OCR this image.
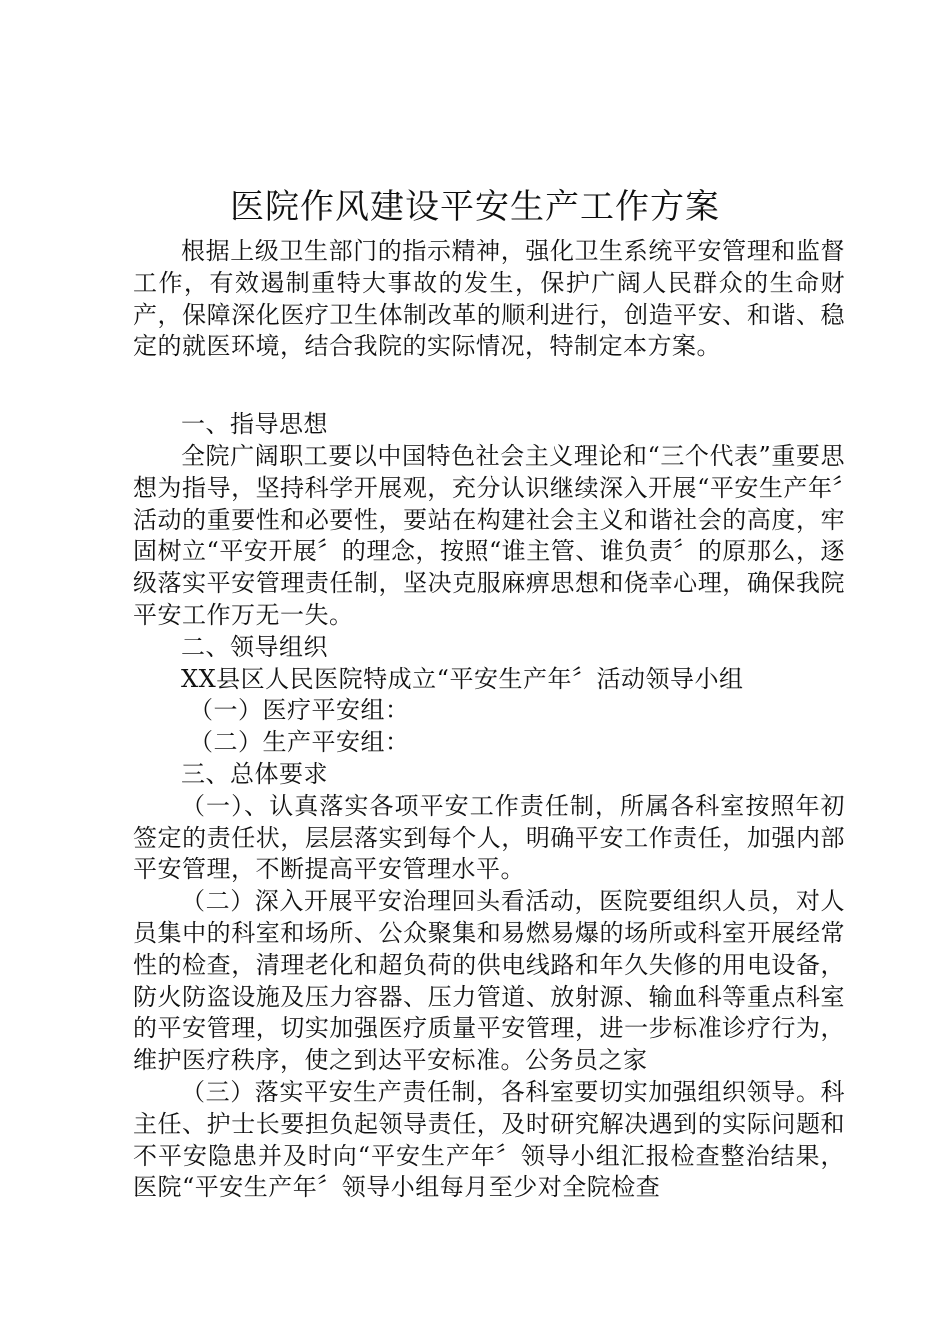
医院作风建设平安生产工作方案

根据上级卫生部门的指示精神，强化卫生系统平安管理和监督工作，有效遏制重特大事故的发生，保护广阔人民群众的生命财产，保障深化医疗卫生体制改革的顺利进行，创造平安、和谐、稳定的就医环境，结合我院的实际情况，特制定本方案。

一、指导思想

全院广阔职工要以中国特色社会主义理论和“三个代表”重要思想为指导，坚持科学开展观，充分认识继续深入开展“平安生产年〞活动的重要性和必要性，要站在构建社会主义和谐社会的高度，牢固树立“平安开展〞的理念，按照“谁主管、谁负责〞的原那么，逐级落实平安管理责任制，坚决克服麻痹思想和侥幸心理，确保我院平安工作万无一失。

二、领导组织

XX县区人民医院特成立“平安生产年〞活动领导小组

（一）医疗平安组：

（二）生产平安组：

三、总体要求

（一）、认真落实各项平安工作责任制，所属各科室按照年初签定的责任状，层层落实到每个人，明确平安工作责任，加强内部平安管理，不断提高平安管理水平。

（二）深入开展平安治理回头看活动，医院要组织人员，对人员集中的科室和场所、公众聚集和易燃易爆的场所或科室开展经常性的检查，清理老化和超负荷的供电线路和年久失修的用电设备，防火防盗设施及压力容器、压力管道、放射源、输血科等重点科室的平安管理，切实加强医疗质量平安管理，进一步标准诊疗行为，维护医疗秩序，使之到达平安标准。公务员之家

（三）落实平安生产责任制，各科室要切实加强组织领导。科主任、护士长要担负起领导责任，及时研究解决遇到的实际问题和不平安隐患并及时向“平安生产年〞领导小组汇报检查整治结果，医院“平安生产年〞领导小组每月至少对全院检查
